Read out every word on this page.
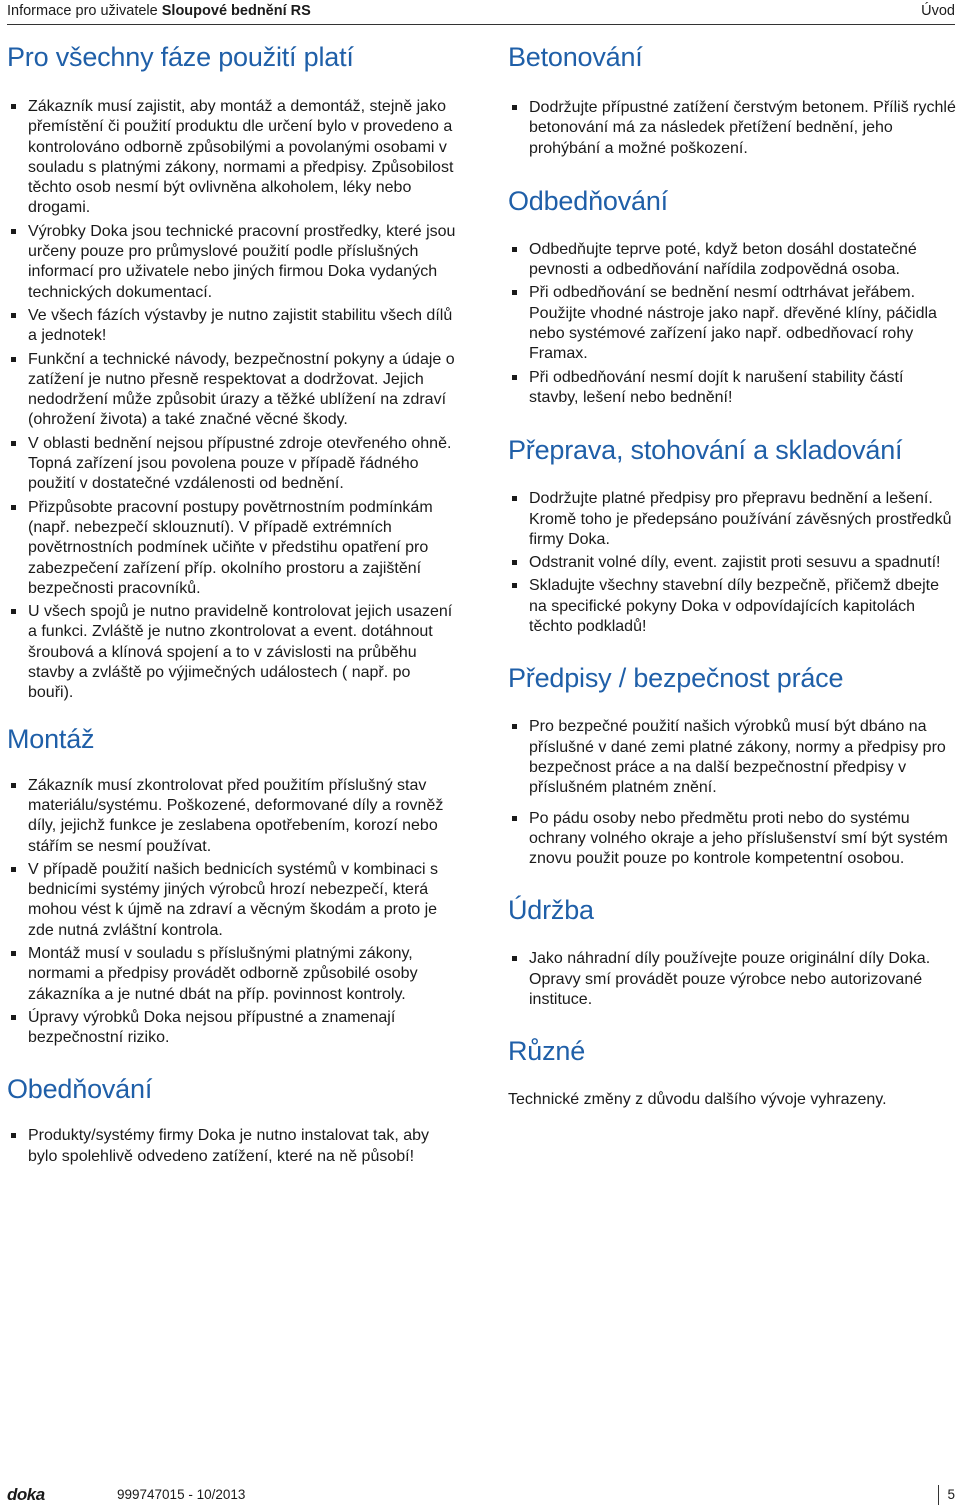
Informace pro uživatele Sloupové bednění RS	Úvod
Pro všechny fáze použití platí
Zákazník musí zajistit, aby montáž a demontáž, stejně jako přemístění či použití produktu dle určení bylo v provedeno a kontrolováno odborně způsobilými a povolanými osobami v souladu s platnými zákony, normami a předpisy. Způsobilost těchto osob nesmí být ovlivněna alkoholem, léky nebo drogami.
Výrobky Doka jsou technické pracovní prostředky, které jsou určeny pouze pro průmyslové použití podle příslušných informací pro uživatele nebo jiných firmou Doka vydaných technických dokumentací.
Ve všech fázích výstavby je nutno zajistit stabilitu všech dílů a jednotek!
Funkční a technické návody, bezpečnostní pokyny a údaje o zatížení je nutno přesně respektovat a dodržovat. Jejich nedodržení může způsobit úrazy a těžké ublížení na zdraví (ohrožení života) a také značné věcné škody.
V oblasti bednění nejsou přípustné zdroje otevřeného ohně. Topná zařízení jsou povolena pouze v případě řádného použití v dostatečné vzdálenosti od bednění.
Přizpůsobte pracovní postupy povětrnostním podmínkám (např. nebezpečí sklouznutí). V případě extrémních povětrnostních podmínek učiňte v předstihu opatření pro zabezpečení zařízení příp. okolního prostoru a zajištění bezpečnosti pracovníků.
U všech spojů je nutno pravidelně kontrolovat jejich usazení a funkci. Zvláště je nutno zkontrolovat a event. dotáhnout šroubová a klínová spojení a to v závislosti na průběhu stavby a zvláště po výjimečných událostech ( např. po bouři).
Montáž
Zákazník musí zkontrolovat před použitím příslušný stav materiálu/systému. Poškozené, deformované díly a rovněž díly, jejichž funkce je zeslabena opotřebením, korozí nebo stářím se nesmí používat.
V případě použití našich bednicích systémů v kombinaci s bednicími systémy jiných výrobců hrozí nebezpečí, která mohou vést k újmě na zdraví a věcným škodám a proto je zde nutná zvláštní kontrola.
Montáž musí v souladu s příslušnými platnými zákony, normami a předpisy provádět odborně způsobilé osoby zákazníka a je nutné dbát na příp. povinnost kontroly.
Úpravy výrobků Doka nejsou přípustné a znamenají bezpečnostní riziko.
Obedňování
Produkty/systémy firmy Doka je nutno instalovat tak, aby bylo spolehlivě odvedeno zatížení, které na ně působí!
Betonování
Dodržujte přípustné zatížení čerstvým betonem. Příliš rychlé betonování má za následek přetížení bednění, jeho prohýbání a možné poškození.
Odbedňování
Odbedňujte teprve poté, když beton dosáhl dostatečné pevnosti a odbedňování nařídila zodpovědná osoba.
Při odbedňování se bednění nesmí odtrhávat jeřábem. Použijte vhodné nástroje jako např. dřevěné klíny, páčidla nebo systémové zařízení jako např. odbedňovací rohy Framax.
Při odbedňování nesmí dojít k narušení stability částí stavby, lešení nebo bednění!
Přeprava, stohování a skladování
Dodržujte platné předpisy pro přepravu bednění a lešení. Kromě toho je předepsáno používání závěsných prostředků firmy Doka.
Odstranit volné díly, event. zajistit proti sesuvu a spadnutí!
Skladujte všechny stavební díly bezpečně, přičemž dbejte na specifické pokyny Doka v odpovídajících kapitolách těchto podkladů!
Předpisy / bezpečnost práce
Pro bezpečné použití našich výrobků musí být dbáno na příslušné v dané zemi platné zákony, normy a předpisy pro bezpečnost práce a na další bezpečnostní předpisy v příslušném platném znění.
Po pádu osoby nebo předmětu proti nebo do systému ochrany volného okraje a jeho příslušenství smí být systém znovu použit pouze po kontrole kompetentní osobou.
Údržba
Jako náhradní díly používejte pouze originální díly Doka. Opravy smí provádět pouze výrobce nebo autorizované instituce.
Různé

Technické změny z důvodu dalšího vývoje vyhrazeny.

doka	999747015 - 10/2013	5
